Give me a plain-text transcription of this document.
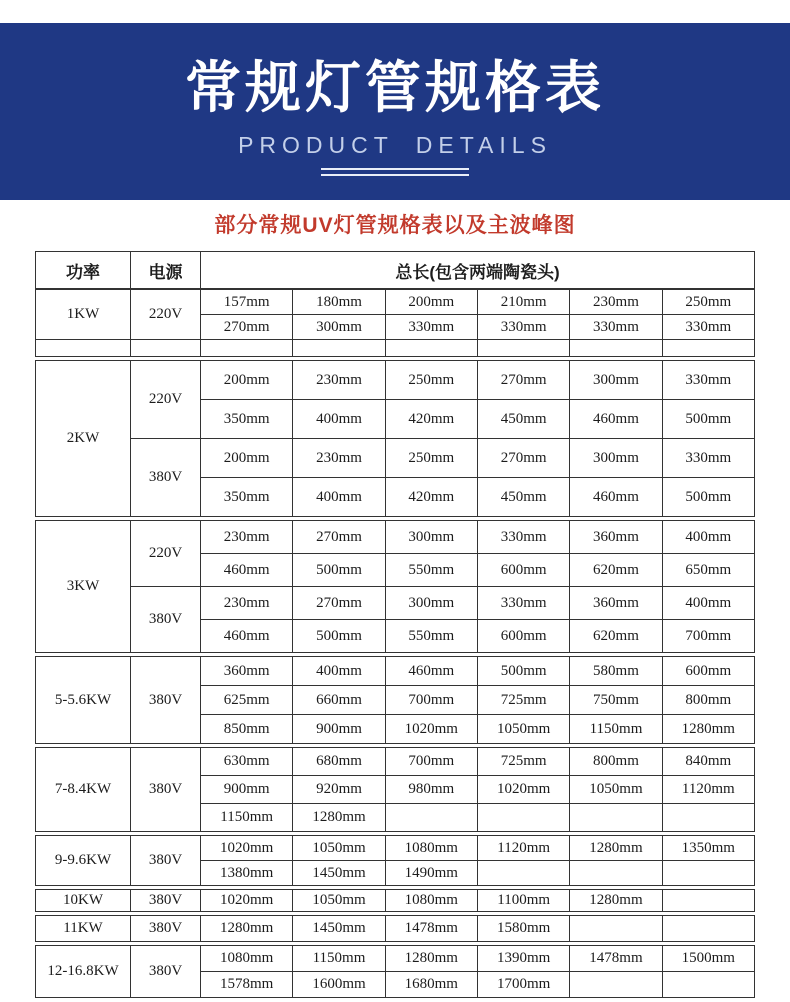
常规灯管规格表
PRODUCT DETAILS
部分常规UV灯管规格表以及主波峰图
功率	电源	总长(包含两端陶瓷头)
1KW	220V	157mm	180mm	200mm	210mm	230mm	250mm
		270mm	300mm	330mm	330mm	330mm	330mm

2KW	220V	200mm	230mm	250mm	270mm	300mm	330mm
		350mm	400mm	420mm	450mm	460mm	500mm
	380V	200mm	230mm	250mm	270mm	300mm	330mm
		350mm	400mm	420mm	450mm	460mm	500mm
3KW	220V	230mm	270mm	300mm	330mm	360mm	400mm
		460mm	500mm	550mm	600mm	620mm	650mm
	380V	230mm	270mm	300mm	330mm	360mm	400mm
		460mm	500mm	550mm	600mm	620mm	700mm
5-5.6KW	380V	360mm	400mm	460mm	500mm	580mm	600mm
		625mm	660mm	700mm	725mm	750mm	800mm
		850mm	900mm	1020mm	1050mm	1150mm	1280mm
7-8.4KW	380V	630mm	680mm	700mm	725mm	800mm	840mm
		900mm	920mm	980mm	1020mm	1050mm	1120mm
		1150mm	1280mm				
9-9.6KW	380V	1020mm	1050mm	1080mm	1120mm	1280mm	1350mm
		1380mm	1450mm	1490mm			
10KW	380V	1020mm	1050mm	1080mm	1100mm	1280mm	
11KW	380V	1280mm	1450mm	1478mm	1580mm		
12-16.8KW	380V	1080mm	1150mm	1280mm	1390mm	1478mm	1500mm
		1578mm	1600mm	1680mm	1700mm		
